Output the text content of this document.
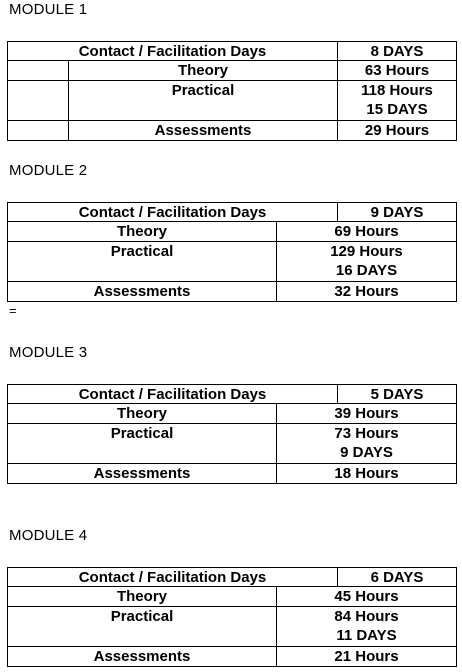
MODULE 1
Contact / Facilitation Days	8 DAYS
Theory	63 Hours
Practical	118 Hours
15 DAYS
Assessments	29 Hours
MODULE 2
Contact / Facilitation Days	9 DAYS
Theory	69 Hours
Practical	129 Hours
16 DAYS
Assessments	32 Hours
=
MODULE 3
Contact / Facilitation Days	5 DAYS
Theory	39 Hours
Practical	73 Hours
9 DAYS
Assessments	18 Hours
MODULE 4
Contact / Facilitation Days	6 DAYS
Theory	45 Hours
Practical	84 Hours
11 DAYS
Assessments	21 Hours
